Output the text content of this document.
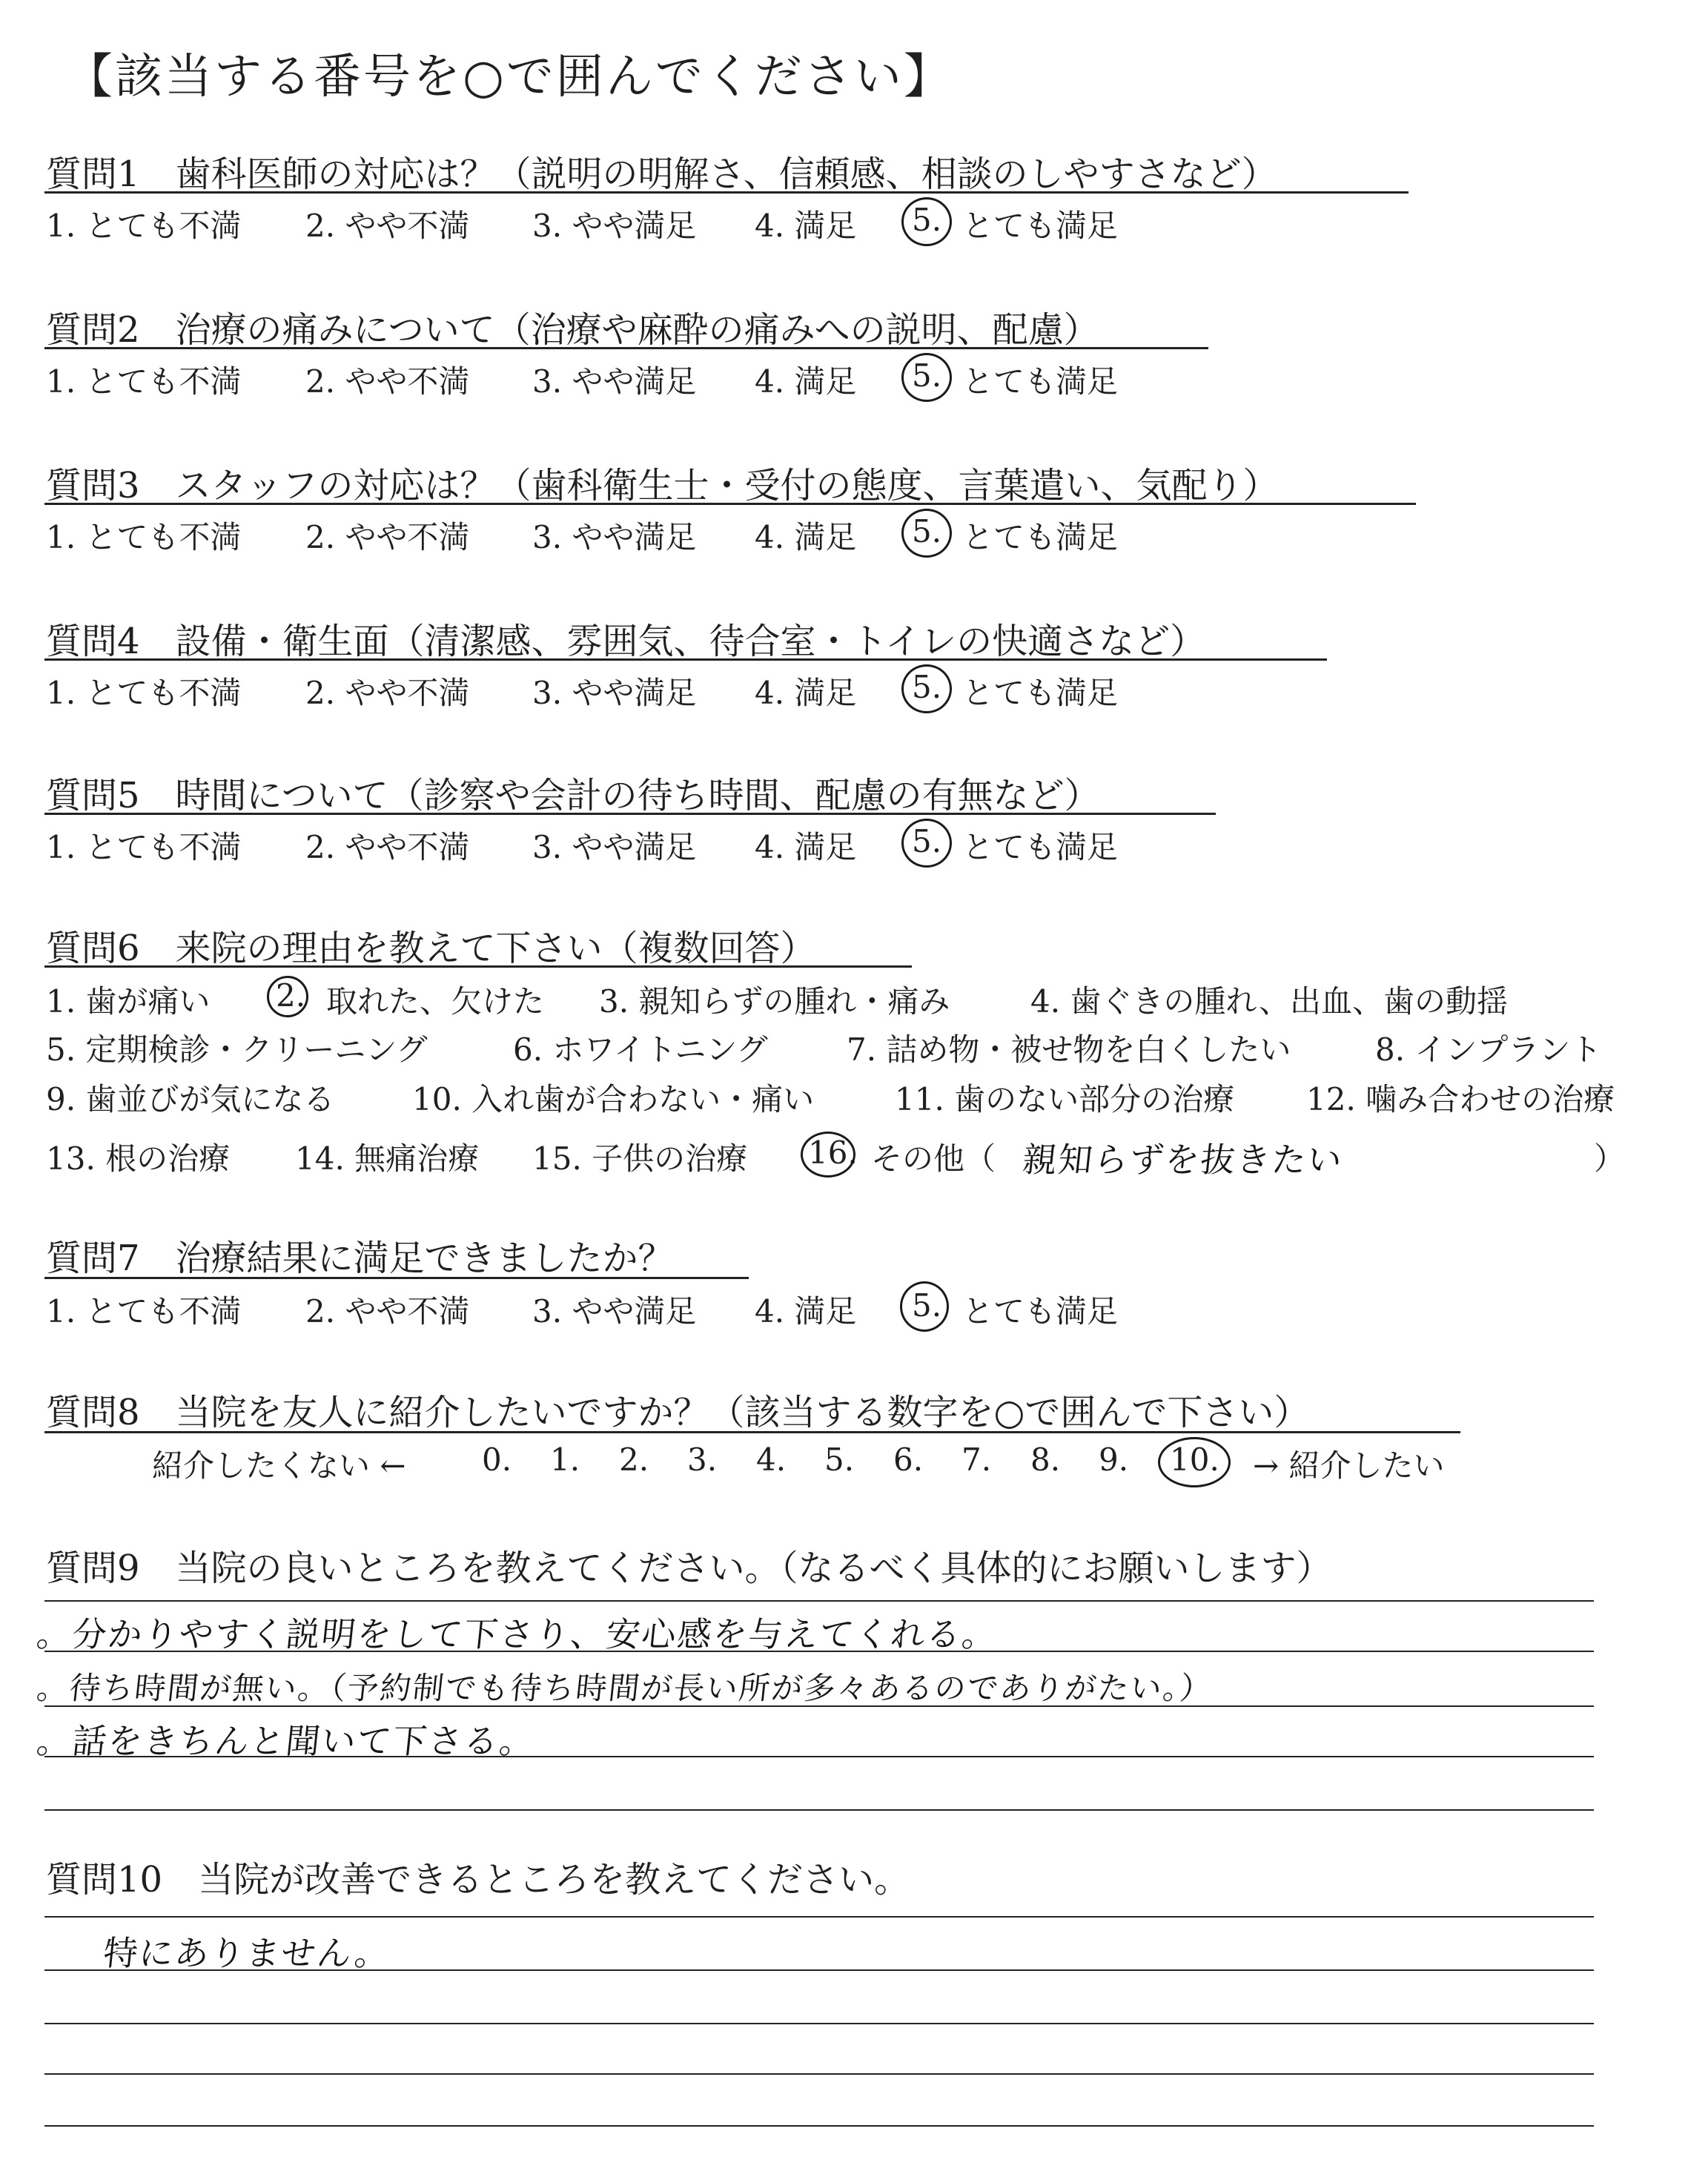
【該当する番号を○で囲んでください】
質問1　歯科医師の対応は？（説明の明解さ、信頼感、相談のしやすさなど）
1. とても不満 2. やや不満 3. やや満足 4. 満足 5. とても満足
質問2　治療の痛みについて（治療や麻酔の痛みへの説明、配慮）
1. とても不満 2. やや不満 3. やや満足 4. 満足 5. とても満足
質問3　スタッフの対応は？（歯科衛生士・受付の態度、言葉遣い、気配り）
1. とても不満 2. やや不満 3. やや満足 4. 満足 5. とても満足
質問4　設備・衛生面（清潔感、雰囲気、待合室・トイレの快適さなど）
1. とても不満 2. やや不満 3. やや満足 4. 満足 5. とても満足
質問5　時間について（診察や会計の待ち時間、配慮の有無など）
1. とても不満 2. やや不満 3. やや満足 4. 満足 5. とても満足
質問6　来院の理由を教えて下さい（複数回答）
1. 歯が痛い 2. 取れた、欠けた 3. 親知らずの腫れ・痛み	4. 歯ぐきの腫れ、出血、歯の動揺
5. 定期検診・クリーニング	6. ホワイトニング	7. 詰め物・被せ物を白くしたい	8. インプラント
9. 歯並びが気になる 10. 入れ歯が合わない・痛い	11. 歯のない部分の治療 12. 噛み合わせの治療
13. 根の治療 14. 無痛治療 15. 子供の治療 16. その他（ 親知らずを抜きたい	）
質問7　治療結果に満足できましたか？
1. とても不満 2. やや不満 3. やや満足 4. 満足 5. とても満足
質問8　当院を友人に紹介したいですか？（該当する数字を○で囲んで下さい）
紹介したくない ← 0. 1. 2. 3. 4. 5. 6. 7. 8. 9. 10. → 紹介したい
質問9　当院の良いところを教えてください。（なるべく具体的にお願いします）
。分かりやすく説明をして下さり、安心感を与えてくれる。
。待ち時間が無い。（予約制でも待ち時間が長い所が多々あるのでありがたい。）
。話をきちんと聞いて下さる。
質問10　当院が改善できるところを教えてください。
特にありません。
